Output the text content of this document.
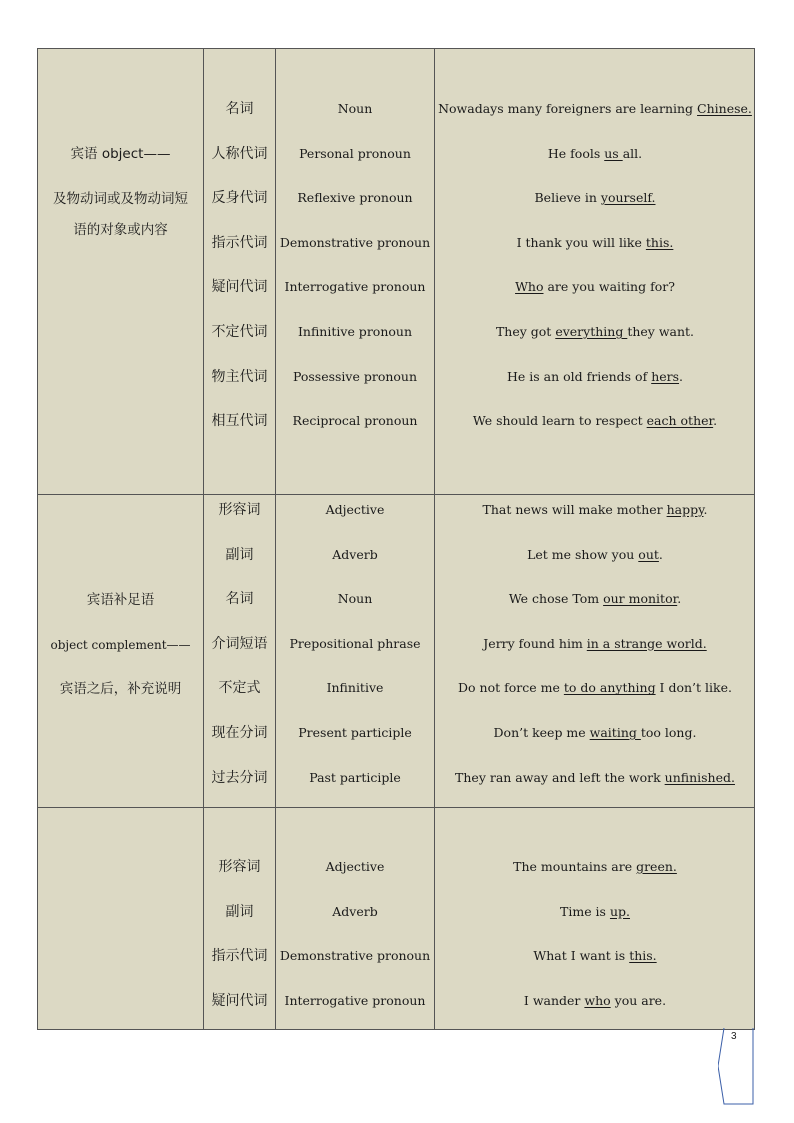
宾语 object——
及物动词或及物动词短
语的对象或内容
宾语补足语
object complement——
宾语之后，补充说明
名词	Noun	Nowadays many foreigners are learning Chinese.
人称代词	Personal pronoun	He fools us all.
反身代词	Reflexive pronoun	Believe in yourself.
指示代词 Demonstrative pronoun	I thank you will like this.
疑问代词	Interrogative pronoun	Who are you waiting for?
不定代词	Infinitive pronoun	They got everything they want.
物主代词	Possessive pronoun	He is an old friends of hers.
相互代词	Reciprocal pronoun	We should learn to respect each other.
形容词	Adjective	That news will make mother happy.
副词	Adverb	Let me show you out.
名词	Noun	We chose Tom our monitor.
介词短语	Prepositional phrase	Jerry found him in a strange world.
不定式	Infinitive	Do not force me to do anything I don’t like.
现在分词	Present participle	Don’t keep me waiting too long.
过去分词	Past participle	They ran away and left the work unfinished.
形容词	Adjective	The mountains are green.
副词	Adverb	Time is up.
指示代词 Demonstrative pronoun	What I want is this.
疑问代词	Interrogative pronoun	I wander who you are.
3
